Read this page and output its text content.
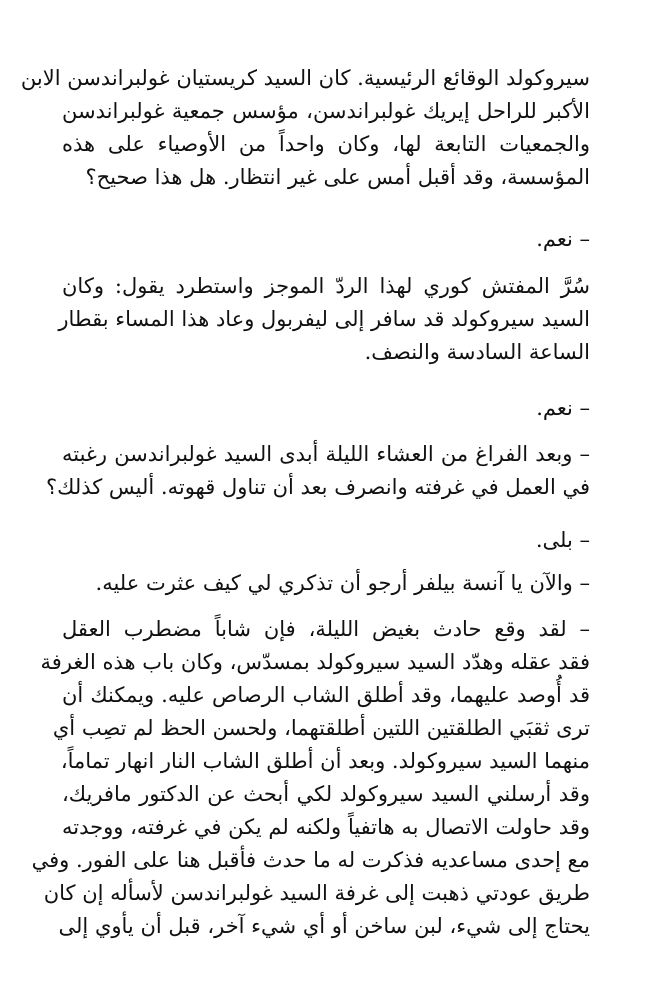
سيروكولد الوقائع الرئيسية. كان السيد كريستيان غولبراندسن الابن
الأكبر للراحل إيريك غولبراندسن، مؤسس جمعية غولبراندسن
والجمعيات التابعة لها، وكان واحداً من الأوصياء على هذه
المؤسسة، وقد أقبل أمس على غير انتظار. هل هذا صحيح؟
– نعم.
سُرَّ المفتش كوري لهذا الردّ الموجز واستطرد يقول: وكان
السيد سيروكولد قد سافر إلى ليفربول وعاد هذا المساء بقطار
الساعة السادسة والنصف.
– نعم.
– وبعد الفراغ من العشاء الليلة أبدى السيد غولبراندسن رغبته
في العمل في غرفته وانصرف بعد أن تناول قهوته. أليس كذلك؟
– بلى.
– والآن يا آنسة بيلفر أرجو أن تذكري لي كيف عثرت عليه.
– لقد وقع حادث بغيض الليلة، فإن شاباً مضطرب العقل
فقد عقله وهدّد السيد سيروكولد بمسدّس، وكان باب هذه الغرفة
قد أُوصد عليهما، وقد أطلق الشاب الرصاص عليه. ويمكنك أن
ترى ثقبَي الطلقتين اللتين أطلقتهما، ولحسن الحظ لم تصِب أي
منهما السيد سيروكولد. وبعد أن أطلق الشاب النار انهار تماماً،
وقد أرسلني السيد سيروكولد لكي أبحث عن الدكتور مافريك،
وقد حاولت الاتصال به هاتفياً ولكنه لم يكن في غرفته، ووجدته
مع إحدى مساعديه فذكرت له ما حدث فأقبل هنا على الفور. وفي
طريق عودتي ذهبت إلى غرفة السيد غولبراندسن لأسأله إن كان
يحتاج إلى شيء، لبن ساخن أو أي شيء آخر، قبل أن يأوي إلى
